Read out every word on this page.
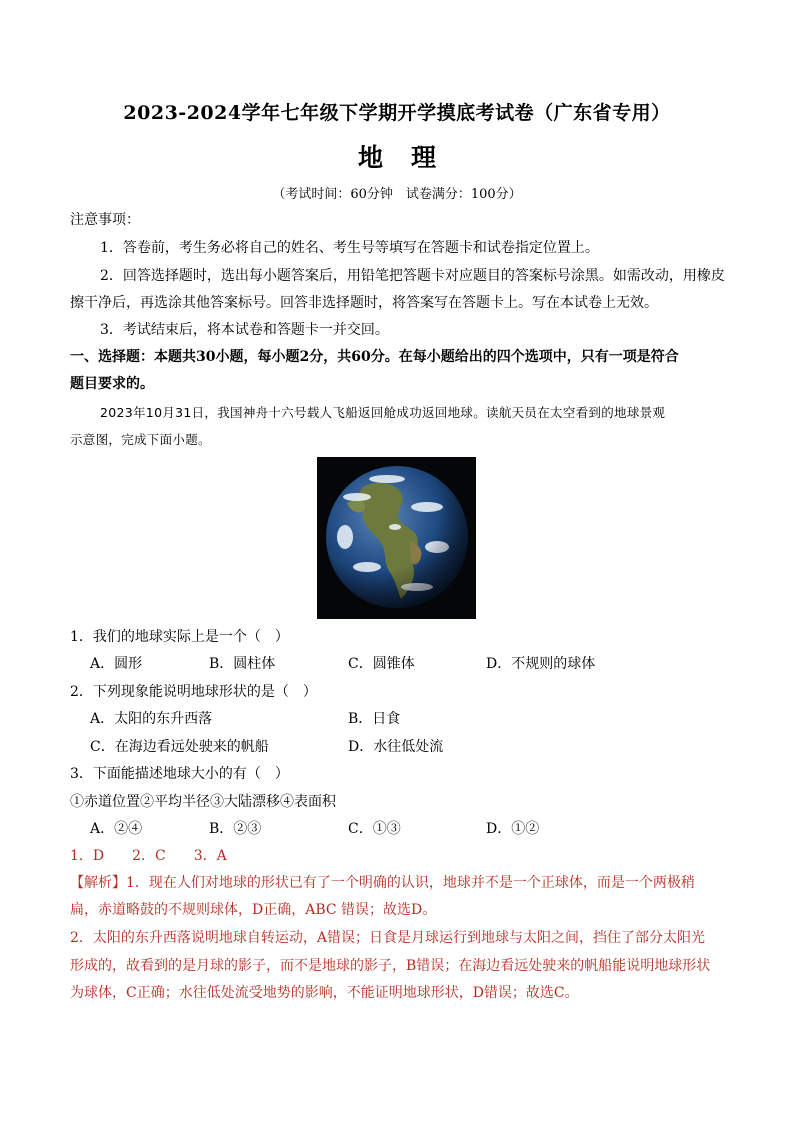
2023-2024学年七年级下学期开学摸底考试卷（广东省专用）
地理
（考试时间：60分钟　试卷满分：100分）
注意事项：
1．答卷前，考生务必将自己的姓名、考生号等填写在答题卡和试卷指定位置上。
2．回答选择题时，选出每小题答案后，用铅笔把答题卡对应题目的答案标号涂黑。如需改动，用橡皮
擦干净后，再选涂其他答案标号。回答非选择题时，将答案写在答题卡上。写在本试卷上无效。
3．考试结束后，将本试卷和答题卡一并交回。
一、选择题：本题共30小题，每小题2分，共60分。在每小题给出的四个选项中，只有一项是符合
题目要求的。
2023年10月31日，我国神舟十六号载人飞船返回舱成功返回地球。读航天员在太空看到的地球景观
示意图，完成下面小题。
1．我们的地球实际上是一个（　）
A．圆形	B．圆柱体	C．圆锥体	D．不规则的球体
2．下列现象能说明地球形状的是（　）
A．太阳的东升西落	B．日食
C．在海边看远处驶来的帆船	D．水往低处流
3．下面能描述地球大小的有（　）
①赤道位置②平均半径③大陆漂移④表面积
A．②④	B．②③	C．①③	D．①②
1．D　　2．C　　3．A
【解析】1．现在人们对地球的形状已有了一个明确的认识，地球并不是一个正球体，而是一个两极稍
扁，赤道略鼓的不规则球体，D正确，ABC 错误；故选D。
2．太阳的东升西落说明地球自转运动，A错误；日食是月球运行到地球与太阳之间，挡住了部分太阳光
形成的，故看到的是月球的影子，而不是地球的影子，B错误；在海边看远处驶来的帆船能说明地球形状
为球体，C正确；水往低处流受地势的影响，不能证明地球形状，D错误；故选C。
